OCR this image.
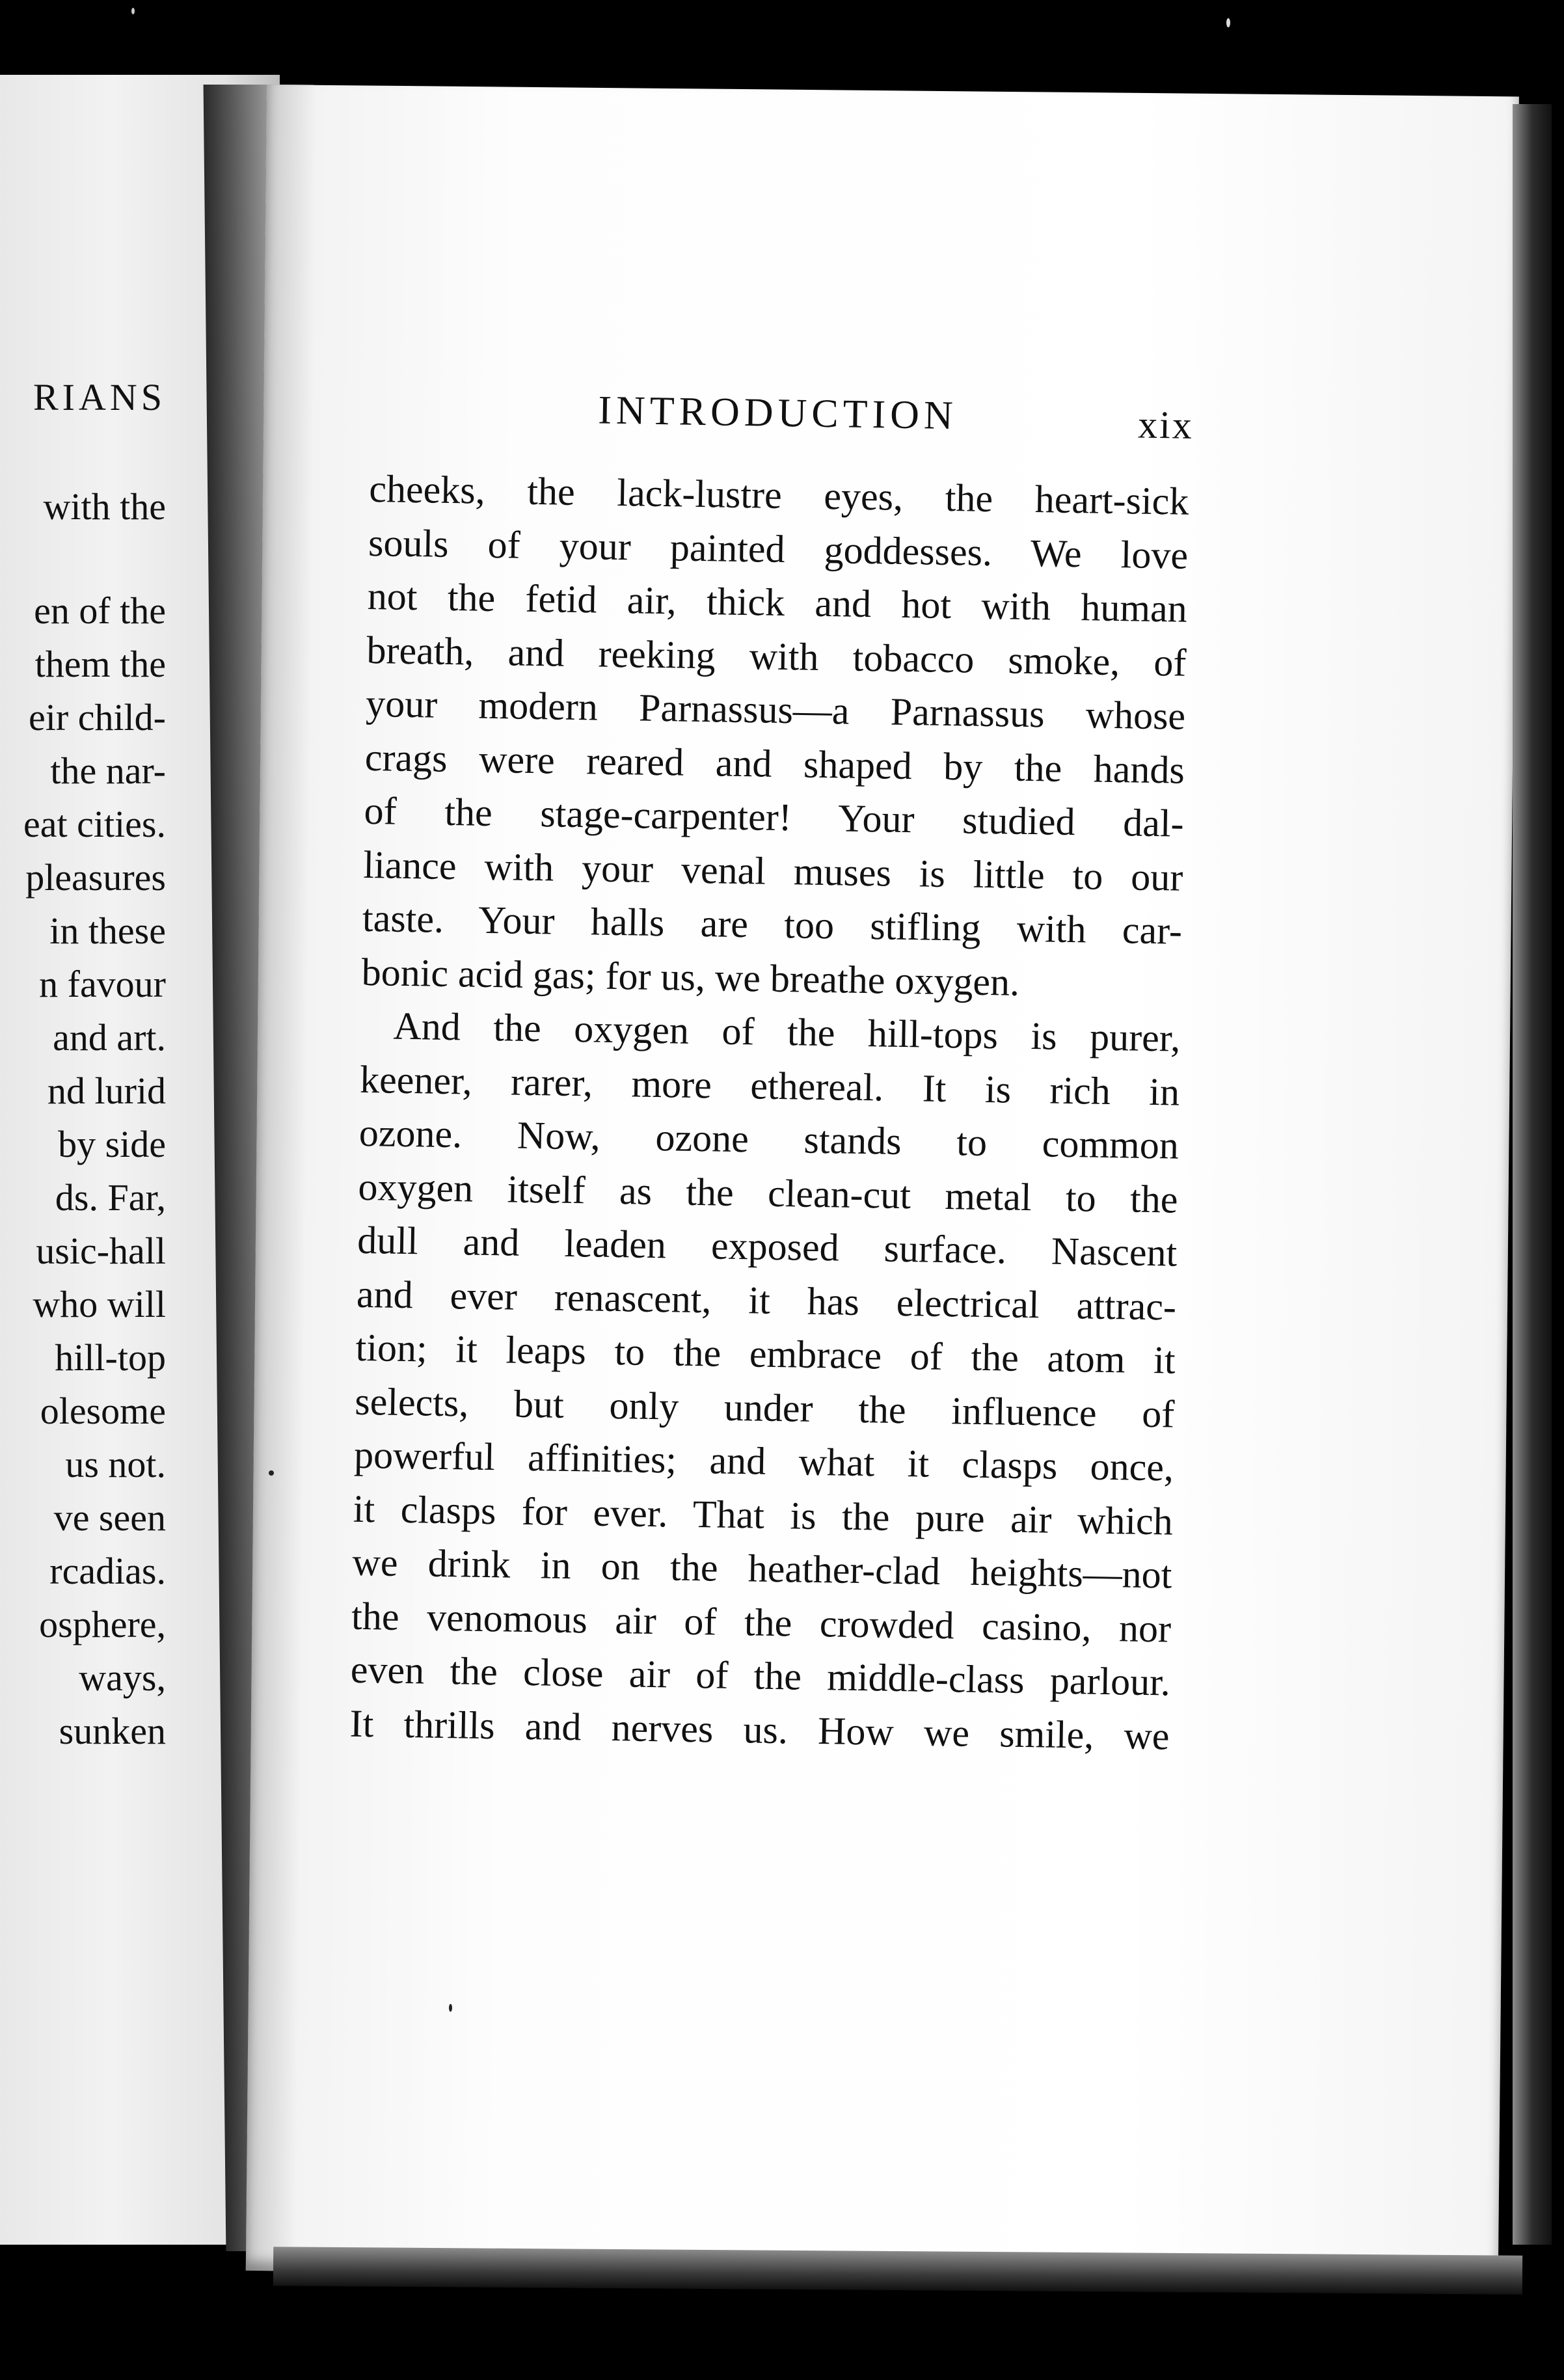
RIANS
with the
en of the
them the
eir child-
the nar-
eat cities.
pleasures
in these
n favour
and art.
nd lurid
by side
ds. Far,
usic-hall
who will
hill-top
olesome
us not.
ve seen
rcadias.
osphere,
ways,
sunken
INTRODUCTION	xix
cheeks, the lack-lustre eyes, the heart-sick
souls of your painted goddesses. We love
not the fetid air, thick and hot with human
breath, and reeking with tobacco smoke, of
your modern Parnassus—a Parnassus whose
crags were reared and shaped by the hands
of the stage-carpenter! Your studied dal-
liance with your venal muses is little to our
taste. Your halls are too stifling with car-
bonic acid gas; for us, we breathe oxygen.
And the oxygen of the hill-tops is purer,
keener, rarer, more ethereal. It is rich in
ozone. Now, ozone stands to common
oxygen itself as the clean-cut metal to the
dull and leaden exposed surface. Nascent
and ever renascent, it has electrical attrac-
tion; it leaps to the embrace of the atom it
selects, but only under the influence of
powerful affinities; and what it clasps once,
it clasps for ever. That is the pure air which
we drink in on the heather-clad heights—not
the venomous air of the crowded casino, nor
even the close air of the middle-class parlour.
It thrills and nerves us. How we smile, we
